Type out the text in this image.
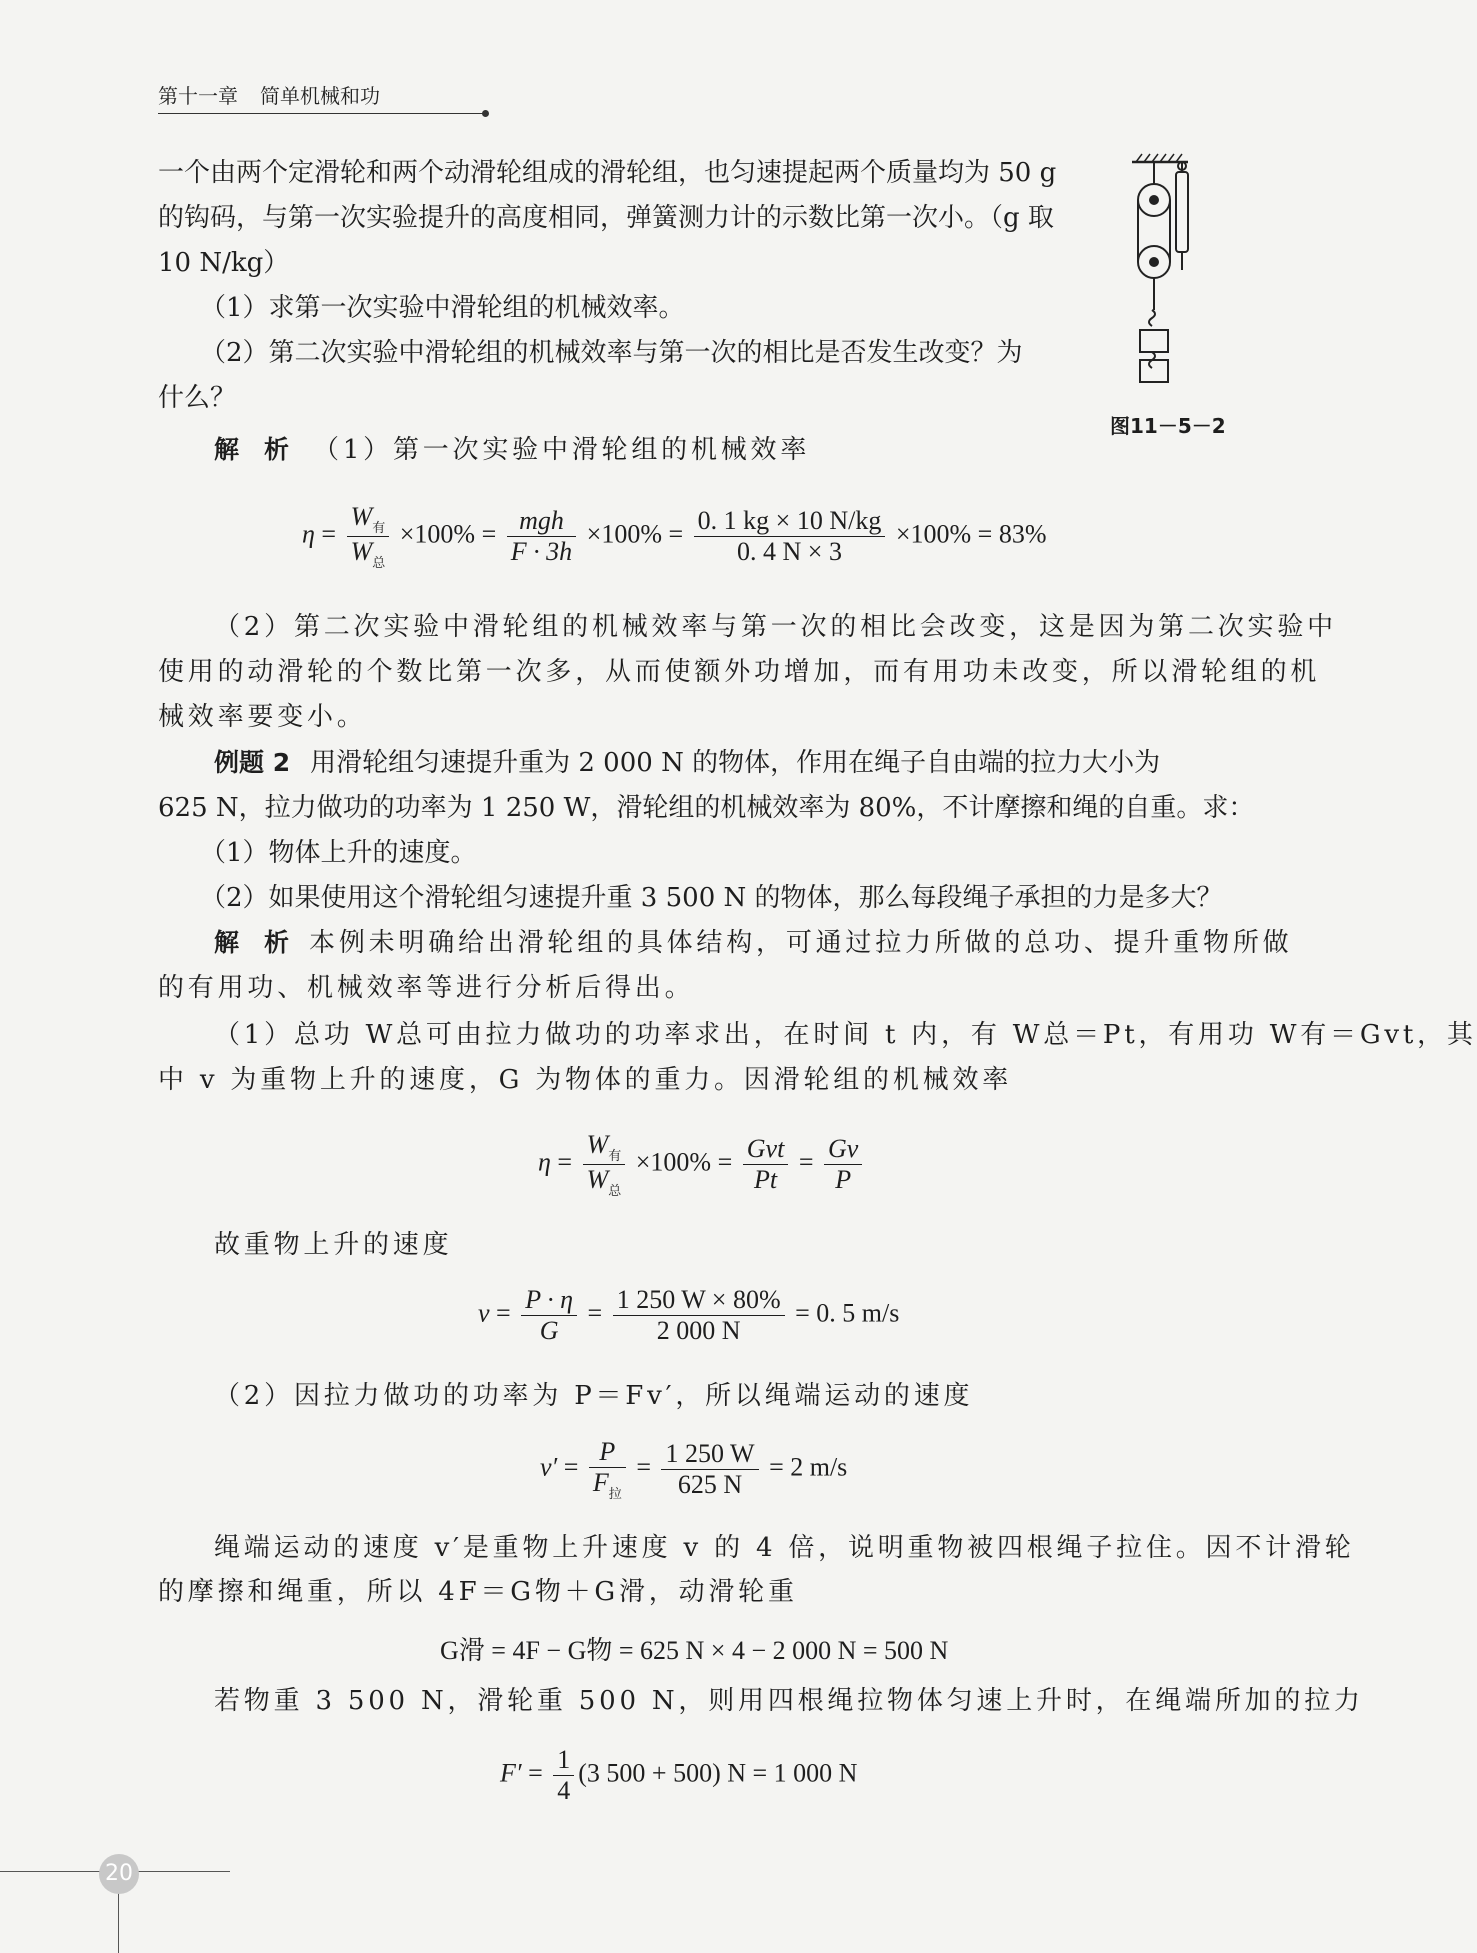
第十一章 简单机械和功
图11－5－2
一个由两个定滑轮和两个动滑轮组成的滑轮组，也匀速提起两个质量均为 50 g
的钩码，与第一次实验提升的高度相同，弹簧测力计的示数比第一次小。（g 取
10 N/kg）
（1）求第一次实验中滑轮组的机械效率。
（2）第二次实验中滑轮组的机械效率与第一次的相比是否发生改变？为
什么？
解　析 （1）第一次实验中滑轮组的机械效率
$\eta = \frac{W_有}{W_总} \times 100\% = \frac{\text{mgh}}{F \cdot 3h} \times 100\% = \frac{0. 1 kg \times 10 N/kg}{0. 4 N \times 3} \times 100\% = 83\%$
（2）第二次实验中滑轮组的机械效率与第一次的相比会改变，这是因为第二次实验中
使用的动滑轮的个数比第一次多，从而使额外功增加，而有用功未改变，所以滑轮组的机
械效率要变小。
例题 2 用滑轮组匀速提升重为 2 000 N 的物体，作用在绳子自由端的拉力大小为
625 N，拉力做功的功率为 1 250 W，滑轮组的机械效率为 80%，不计摩擦和绳的自重。求：
（1）物体上升的速度。
（2）如果使用这个滑轮组匀速提升重 3 500 N 的物体，那么每段绳子承担的力是多大？
解　析 本例未明确给出滑轮组的具体结构，可通过拉力所做的总功、提升重物所做
的有用功、机械效率等进行分析后得出。
（1）总功 W总可由拉力做功的功率求出，在时间 t 内，有 W总＝Pt，有用功 W有＝Gvt，其
中 v 为重物上升的速度，G 为物体的重力。因滑轮组的机械效率
$\eta = \frac{W_有}{W_总} \times 100\% = \frac{\text{Gvt}}{Pt} = \frac{Gv}{P}$
故重物上升的速度
$v = \frac{P \cdot \eta}{G} = \frac{1 250 W \times 80\%}{2 000 N} = 0$. 5 m/s
（2）因拉力做功的功率为 P＝Fv′，所以绳端运动的速度
$v' = \frac{P}{F_拉} = \frac{1 250 W}{625 N} = 2$ m/s
绳端运动的速度 v′是重物上升速度 v 的 4 倍，说明重物被四根绳子拉住。因不计滑轮
的摩擦和绳重，所以 4F＝G物＋G滑，动滑轮重
G滑 = 4F − G物 = 625 N × 4 − 2 000 N = 500 N
若物重 3 500 N，滑轮重 500 N，则用四根绳拉物体匀速上升时，在绳端所加的拉力
$F' = \frac{1}{4} (3$ 500 + 500) N = 1 000 N
20
